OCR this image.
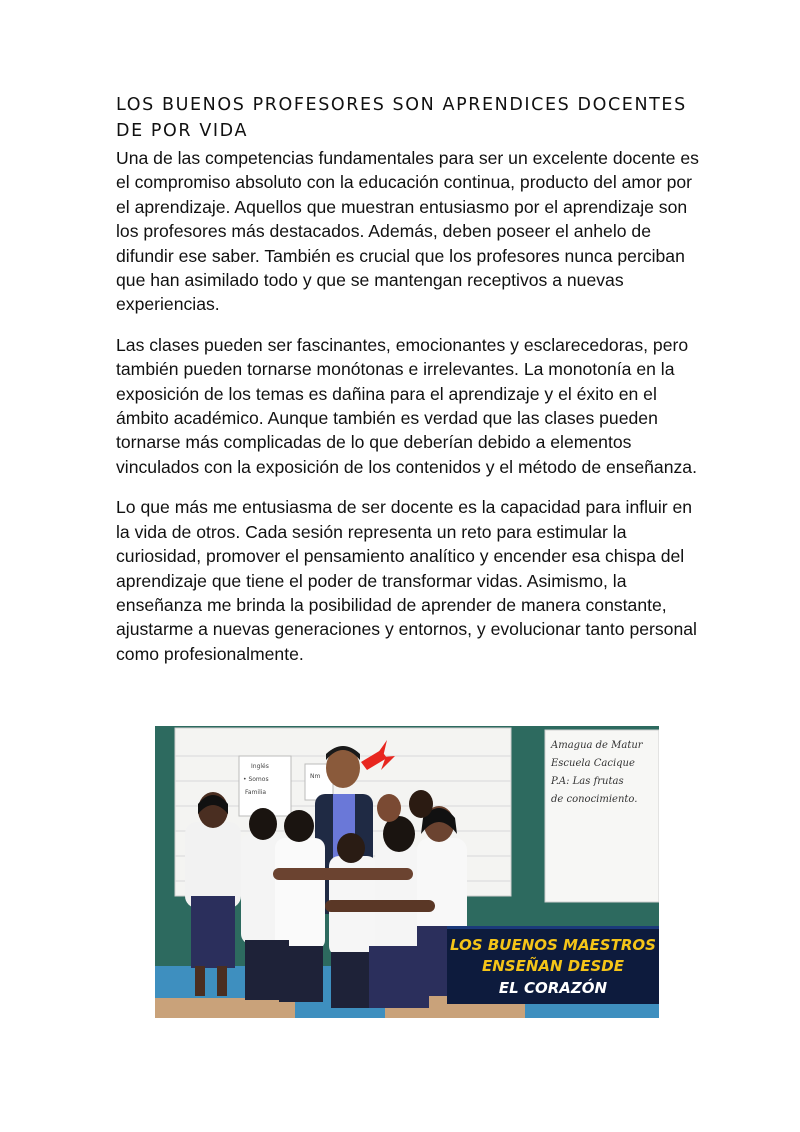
LOS BUENOS PROFESORES SON APRENDICES DOCENTES DE POR VIDA

Una de las competencias fundamentales para ser un excelente docente es el compromiso absoluto con la educación continua, producto del amor por el aprendizaje. Aquellos que muestran entusiasmo por el aprendizaje son los profesores más destacados. Además, deben poseer el anhelo de difundir ese saber. También es crucial que los profesores nunca perciban que han asimilado todo y que se mantengan receptivos a nuevas experiencias.

Las clases pueden ser fascinantes, emocionantes y esclarecedoras, pero también pueden tornarse monótonas e irrelevantes. La monotonía en la exposición de los temas es dañina para el aprendizaje y el éxito en el ámbito académico. Aunque también es verdad que las clases pueden tornarse más complicadas de lo que deberían debido a elementos vinculados con la exposición de los contenidos y el método de enseñanza.

Lo que más me entusiasma de ser docente es la capacidad para influir en la vida de otros. Cada sesión representa un reto para estimular la curiosidad, promover el pensamiento analítico y encender esa chispa del aprendizaje que tiene el poder de transformar vidas. Asimismo, la enseñanza me brinda la posibilidad de aprender de manera constante, ajustarme a nuevas generaciones y entornos, y evolucionar tanto personal como profesionalmente.

Inglés
• Somos
Familia
Nm
Amagua de Matur
Escuela Cacique
P.A: Las frutas
de conocimiento.
LOS BUENOS MAESTROS
ENSEÑAN DESDE
EL CORAZÓN
